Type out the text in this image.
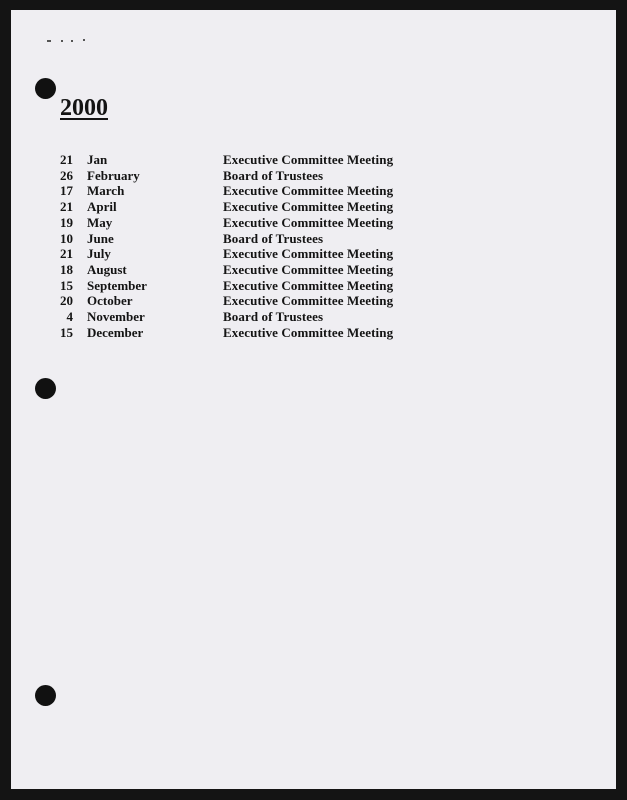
2000
21	Jan	Executive Committee Meeting
26	February	Board of Trustees
17	March	Executive Committee Meeting
21	April	Executive Committee Meeting
19	May	Executive Committee Meeting
10	June	Board of Trustees
21	July	Executive Committee Meeting
18	August	Executive Committee Meeting
15	September	Executive Committee Meeting
20	October	Executive Committee Meeting
4	November	Board of Trustees
15	December	Executive Committee Meeting
